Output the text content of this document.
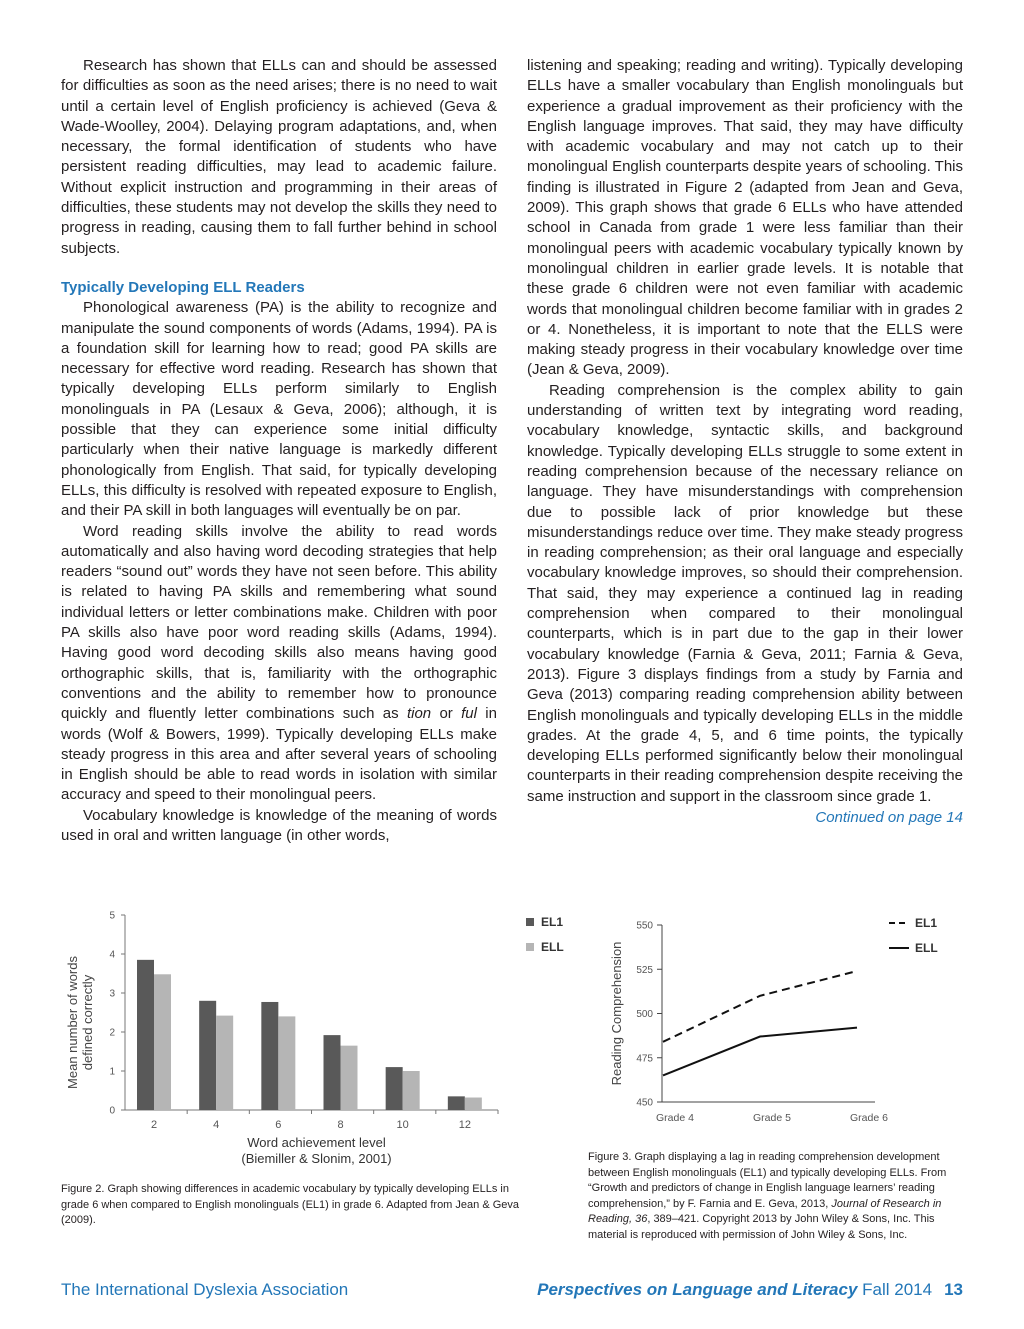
Research has shown that ELLs can and should be assessed for difficulties as soon as the need arises; there is no need to wait until a certain level of English proficiency is achieved (Geva & Wade-Woolley, 2004). Delaying program adaptations, and, when necessary, the formal identification of students who have persistent reading difficulties, may lead to academic failure. Without explicit instruction and programming in their areas of difficulties, these students may not develop the skills they need to progress in reading, causing them to fall further behind in school subjects.

Typically Developing ELL Readers

Phonological awareness (PA) is the ability to recognize and manipulate the sound components of words (Adams, 1994). PA is a foundation skill for learning how to read; good PA skills are necessary for effective word reading. Research has shown that typically developing ELLs perform similarly to English monolinguals in PA (Lesaux & Geva, 2006); although, it is possible that they can experience some initial difficulty particularly when their native language is markedly different phonologically from English. That said, for typically developing ELLs, this difficulty is resolved with repeated exposure to English, and their PA skill in both languages will eventually be on par.

Word reading skills involve the ability to read words automatically and also having word decoding strategies that help readers “sound out” words they have not seen before. This ability is related to having PA skills and remembering what sound individual letters or letter combinations make. Children with poor PA skills also have poor word reading skills (Adams, 1994). Having good word decoding skills also means having good orthographic skills, that is, familiarity with the orthographic conventions and the ability to remember how to pronounce quickly and fluently letter combinations such as tion or ful in words (Wolf & Bowers, 1999). Typically developing ELLs make steady progress in this area and after several years of schooling in English should be able to read words in isolation with similar accuracy and speed to their monolingual peers.

Vocabulary knowledge is knowledge of the meaning of words used in oral and written language (in other words,

listening and speaking; reading and writing). Typically developing ELLs have a smaller vocabulary than English monolinguals but experience a gradual improvement as their proficiency with the English language improves. That said, they may have difficulty with academic vocabulary and may not catch up to their monolingual English counterparts despite years of schooling. This finding is illustrated in Figure 2 (adapted from Jean and Geva, 2009). This graph shows that grade 6 ELLs who have attended school in Canada from grade 1 were less familiar than their monolingual peers with academic vocabulary typically known by monolingual children in earlier grade levels. It is notable that these grade 6 children were not even familiar with academic words that monolingual children become familiar with in grades 2 or 4. Nonetheless, it is important to note that the ELLS were making steady progress in their vocabulary knowledge over time (Jean & Geva, 2009).

Reading comprehension is the complex ability to gain understanding of written text by integrating word reading, vocabulary knowledge, syntactic skills, and background knowledge. Typically developing ELLs struggle to some extent in reading comprehension because of the necessary reliance on language. They have misunderstandings with comprehension due to possible lack of prior knowledge but these misunderstandings reduce over time. They make steady progress in reading comprehension; as their oral language and especially vocabulary knowledge improves, so should their comprehension. That said, they may experience a continued lag in reading comprehension when compared to their monolingual counterparts, which is in part due to the gap in their lower vocabulary knowledge (Farnia & Geva, 2011; Farnia & Geva, 2013). Figure 3 displays findings from a study by Farnia and Geva (2013) comparing reading comprehension ability between English monolinguals and typically developing ELLs in the middle grades. At the grade 4, 5, and 6 time points, the typically developing ELLs performed significantly below their monolingual counterparts in their reading comprehension despite receiving the same instruction and support in the classroom since grade 1.

Continued on page 14
0
1
2
3
4
5
2	4	6	8	10	12
Mean number of words defined correctly
Word achievement level
(Biemiller & Slonim, 2001)
EL1
ELL
Figure 2. Graph showing differences in academic vocabulary by typically developing ELLs in grade 6 when compared to English monolinguals (EL1) in grade 6. Adapted from Jean & Geva (2009).
450
475
500
525
550
Grade 4	Grade 5	Grade 6
Reading Comprehension
EL1
ELL
Figure 3. Graph displaying a lag in reading comprehension development between English monolinguals (EL1) and typically developing ELLs. From “Growth and predictors of change in English language learners’ reading comprehension,” by F. Farnia and E. Geva, 2013, Journal of Research in Reading, 36, 389–421. Copyright 2013 by John Wiley & Sons, Inc. This material is reproduced with permission of John Wiley & Sons, Inc.
The International Dyslexia Association	Perspectives on Language and Literacy Fall 2014 13
